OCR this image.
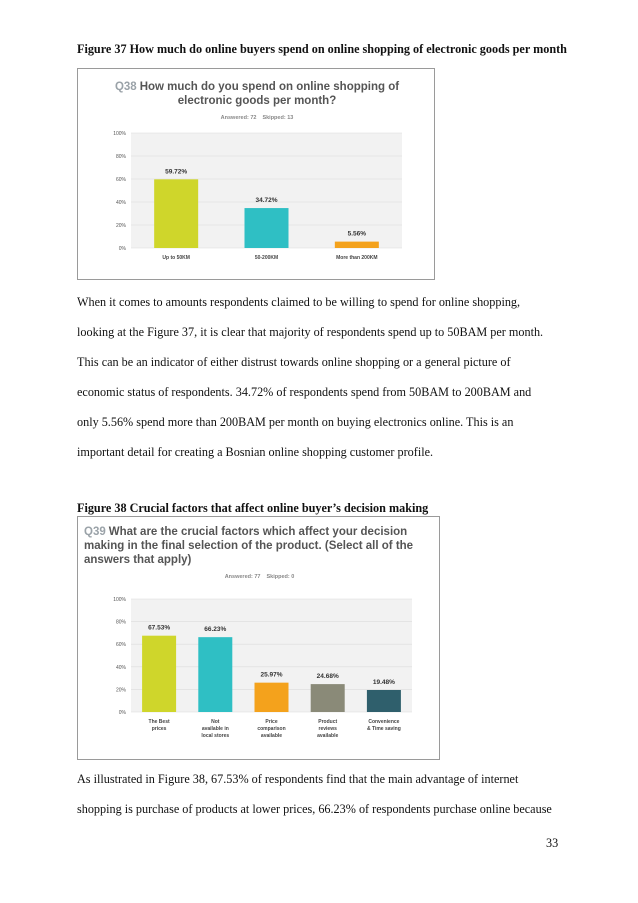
Figure 37 How much do online buyers spend on online shopping of electronic goods per month
Q38 How much do you spend on online shopping of electronic goods per month?
Answered: 72 Skipped: 13
100%
80%
60%
40%
20%
0%
59.72%
Up to 50KM
34.72%
50-200KM
5.56%
More than 200KM
When it comes to amounts respondents claimed to be willing to spend for online shopping,
looking at the Figure 37, it is clear that majority of respondents spend up to 50BAM per month.
This can be an indicator of either distrust towards online shopping or a general picture of
economic status of respondents. 34.72% of respondents spend from 50BAM to 200BAM and
only 5.56% spend more than 200BAM per month on buying electronics online. This is an
important detail for creating a Bosnian online shopping customer profile.
Figure 38 Crucial factors that affect online buyer’s decision making
Q39 What are the crucial factors which affect your decision making in the final selection of the product. (Select all of the answers that apply)
Answered: 77 Skipped: 0
100%
80%
60%
40%
20%
0%
67.53%
The Best
prices
66.23%
Not
available in
local stores
25.97%
Price
comparison
available
24.68%
Product
reviews
available
19.48%
Convenience
& Time saving
As illustrated in Figure 38, 67.53% of respondents find that the main advantage of internet
shopping is purchase of products at lower prices, 66.23% of respondents purchase online because
33
